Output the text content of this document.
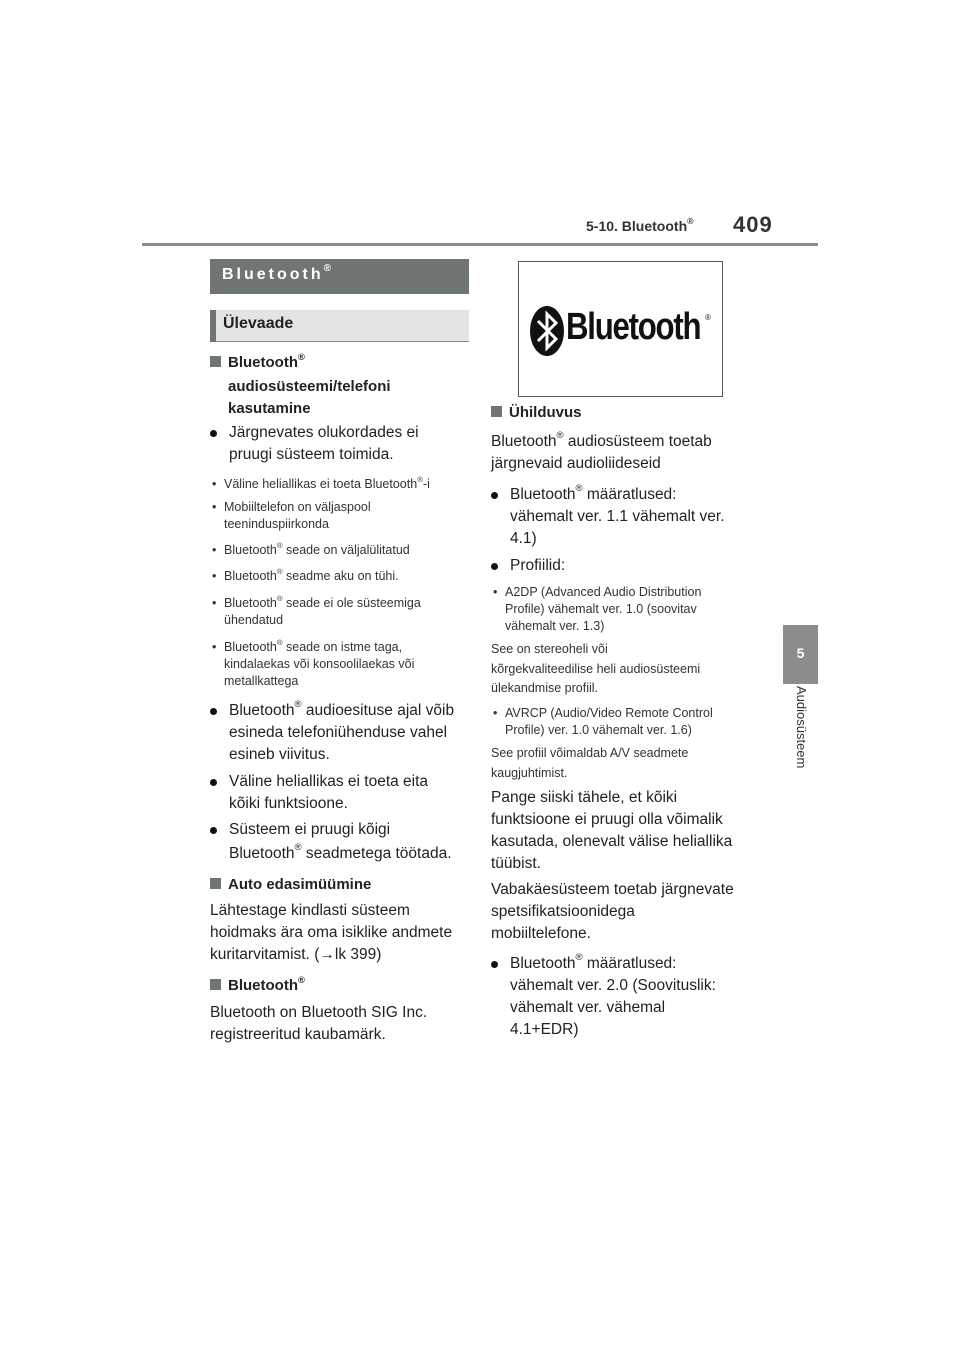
5-10. Bluetooth® 409
5
Audiosüsteem
Bluetooth®
Ülevaade
Bluetooth®
audiosüsteemi/telefoni
kasutamine
Järgnevates olukordades ei
pruugi süsteem toimida.
• Väline heliallikas ei toeta Bluetooth®-i
• Mobiiltelefon on väljaspool
teeninduspiirkonda
• Bluetooth® seade on väljalülitatud
• Bluetooth® seadme aku on tühi.
• Bluetooth® seade ei ole süsteemiga
ühendatud
• Bluetooth® seade on istme taga,
kindalaekas või konsoolilaekas või
metallkattega
Bluetooth® audioesituse ajal võib
esineda telefoniühenduse vahel
esineb viivitus.
Väline heliallikas ei toeta eita
kõiki funktsioone.
Süsteem ei pruugi kõigi
Bluetooth® seadmetega töötada.
Auto edasimüümine
Lähtestage kindlasti süsteem
hoidmaks ära oma isiklike andmete
kuritarvitamist. (→lk 399)
Bluetooth®
Bluetooth on Bluetooth SIG Inc.
registreeritud kaubamärk.
Bluetooth ®
Ühilduvus
Bluetooth® audiosüsteem toetab
järgnevaid audioliideseid
Bluetooth® määratlused:
vähemalt ver. 1.1 vähemalt ver.
4.1)
Profiilid:
• A2DP (Advanced Audio Distribution
Profile) vähemalt ver. 1.0 (soovitav
vähemalt ver. 1.3)
See on stereoheli või
kõrgekvaliteedilise heli audiosüsteemi
ülekandmise profiil.
• AVRCP (Audio/Video Remote Control
Profile) ver. 1.0 vähemalt ver. 1.6)
See profiil võimaldab A/V seadmete
kaugjuhtimist.
Pange siiski tähele, et kõiki
funktsioone ei pruugi olla võimalik
kasutada, olenevalt välise heliallika
tüübist.
Vabakäesüsteem toetab järgnevate
spetsifikatsioonidega
mobiiltelefone.
Bluetooth® määratlused:
vähemalt ver. 2.0 (Soovituslik:
vähemalt ver. vähemal
4.1+EDR)
